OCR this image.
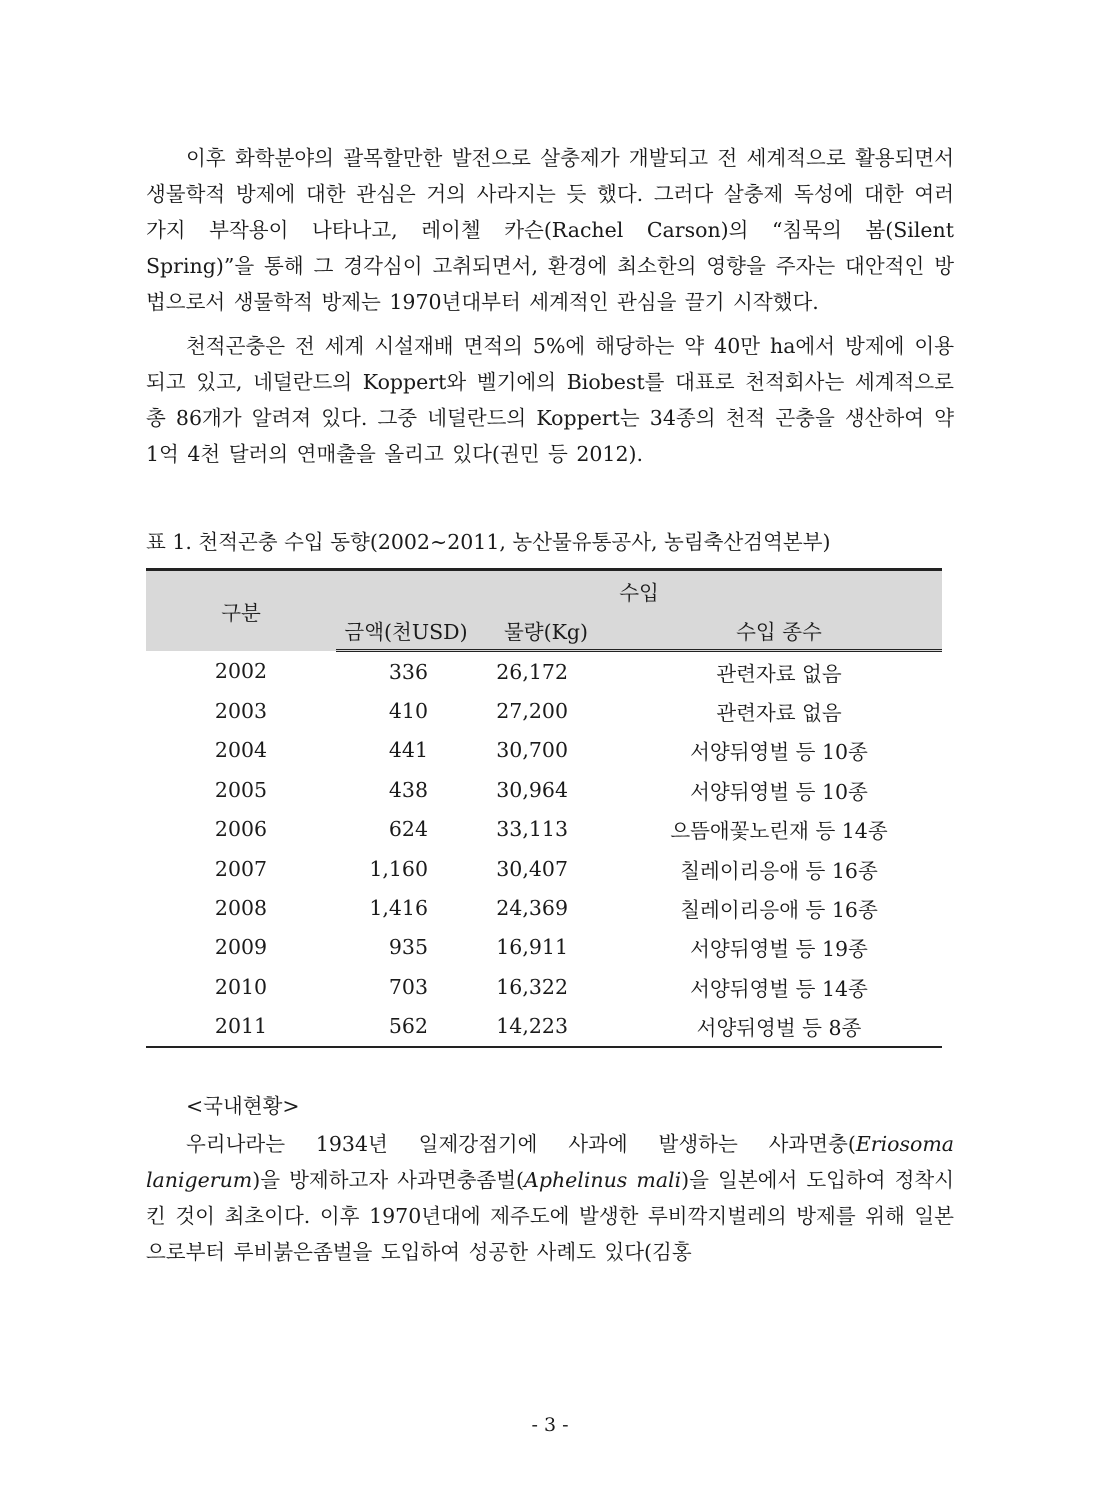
이후 화학분야의 괄목할만한 발전으로 살충제가 개발되고 전 세계적으로 활용되면서 생물학적 방제에 대한 관심은 거의 사라지는 듯 했다. 그러다 살충제 독성에 대한 여러 가지 부작용이 나타나고, 레이첼 카슨(Rachel Carson)의 “침묵의 봄(Silent Spring)”을 통해 그 경각심이 고취되면서, 환경에 최소한의 영향을 주자는 대안적인 방법으로서 생물학적 방제는 1970년대부터 세계적인 관심을 끌기 시작했다.

천적곤충은 전 세계 시설재배 면적의 5%에 해당하는 약 40만 ha에서 방제에 이용되고 있고, 네덜란드의 Koppert와 벨기에의 Biobest를 대표로 천적회사는 세계적으로 총 86개가 알려져 있다. 그중 네덜란드의 Koppert는 34종의 천적 곤충을 생산하여 약 1억 4천 달러의 연매출을 올리고 있다(권민 등 2012).

표 1. 천적곤충 수입 동향(2002∼2011, 농산물유통공사, 농림축산검역본부)

구분	수입		
	금액(천USD)	물량(Kg)	수입 종수
2002	336	26,172	관련자료 없음
2003	410	27,200	관련자료 없음
2004	441	30,700	서양뒤영벌 등 10종
2005	438	30,964	서양뒤영벌 등 10종
2006	624	33,113	으뜸애꽃노린재 등 14종
2007	1,160	30,407	칠레이리응애 등 16종
2008	1,416	24,369	칠레이리응애 등 16종
2009	935	16,911	서양뒤영벌 등 19종
2010	703	16,322	서양뒤영벌 등 14종
2011	562	14,223	서양뒤영벌 등 8종

<국내현황>

우리나라는 1934년 일제강점기에 사과에 발생하는 사과면충(Eriosoma lanigerum)을 방제하고자 사과면충좀벌(Aphelinus mali)을 일본에서 도입하여 정착시킨 것이 최초이다. 이후 1970년대에 제주도에 발생한 루비깍지벌레의 방제를 위해 일본으로부터 루비붉은좀벌을 도입하여 성공한 사례도 있다(김홍

- 3 -
